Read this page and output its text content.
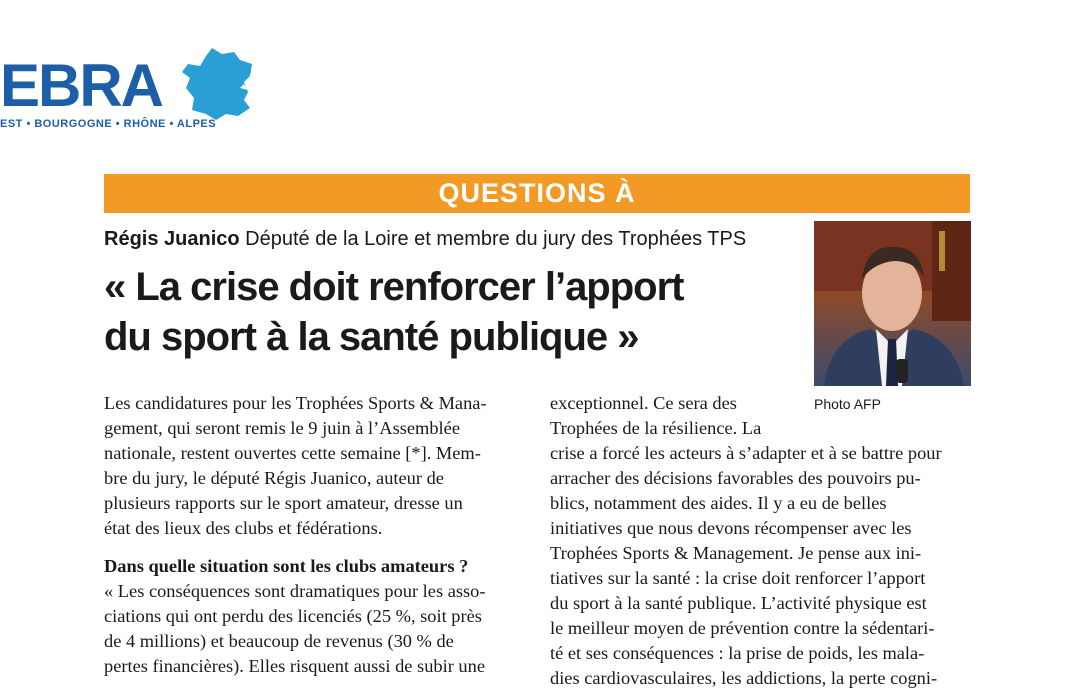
EBRA
EST • BOURGOGNE • RHÔNE • ALPES
QUESTIONS À
Régis Juanico Député de la Loire et membre du jury des Trophées TPS
« La crise doit renforcer l’apport
du sport à la santé publique »
Photo AFP
Les candidatures pour les Trophées Sports & Mana-
gement, qui seront remis le 9 juin à l’Assemblée
nationale, restent ouvertes cette semaine [*]. Mem-
bre du jury, le député Régis Juanico, auteur de
plusieurs rapports sur le sport amateur, dresse un
état des lieux des clubs et fédérations.
Dans quelle situation sont les clubs amateurs ?
« Les conséquences sont dramatiques pour les asso-
ciations qui ont perdu des licenciés (25 %, soit près
de 4 millions) et beaucoup de revenus (30 % de
pertes financières). Elles risquent aussi de subir une
exceptionnel. Ce sera des
Trophées de la résilience. La
crise a forcé les acteurs à s’adapter et à se battre pour
arracher des décisions favorables des pouvoirs pu-
blics, notamment des aides. Il y a eu de belles
initiatives que nous devons récompenser avec les
Trophées Sports & Management. Je pense aux ini-
tiatives sur la santé : la crise doit renforcer l’apport
du sport à la santé publique. L’activité physique est
le meilleur moyen de prévention contre la sédentari-
té et ses conséquences : la prise de poids, les mala-
dies cardiovasculaires, les addictions, la perte cogni-
